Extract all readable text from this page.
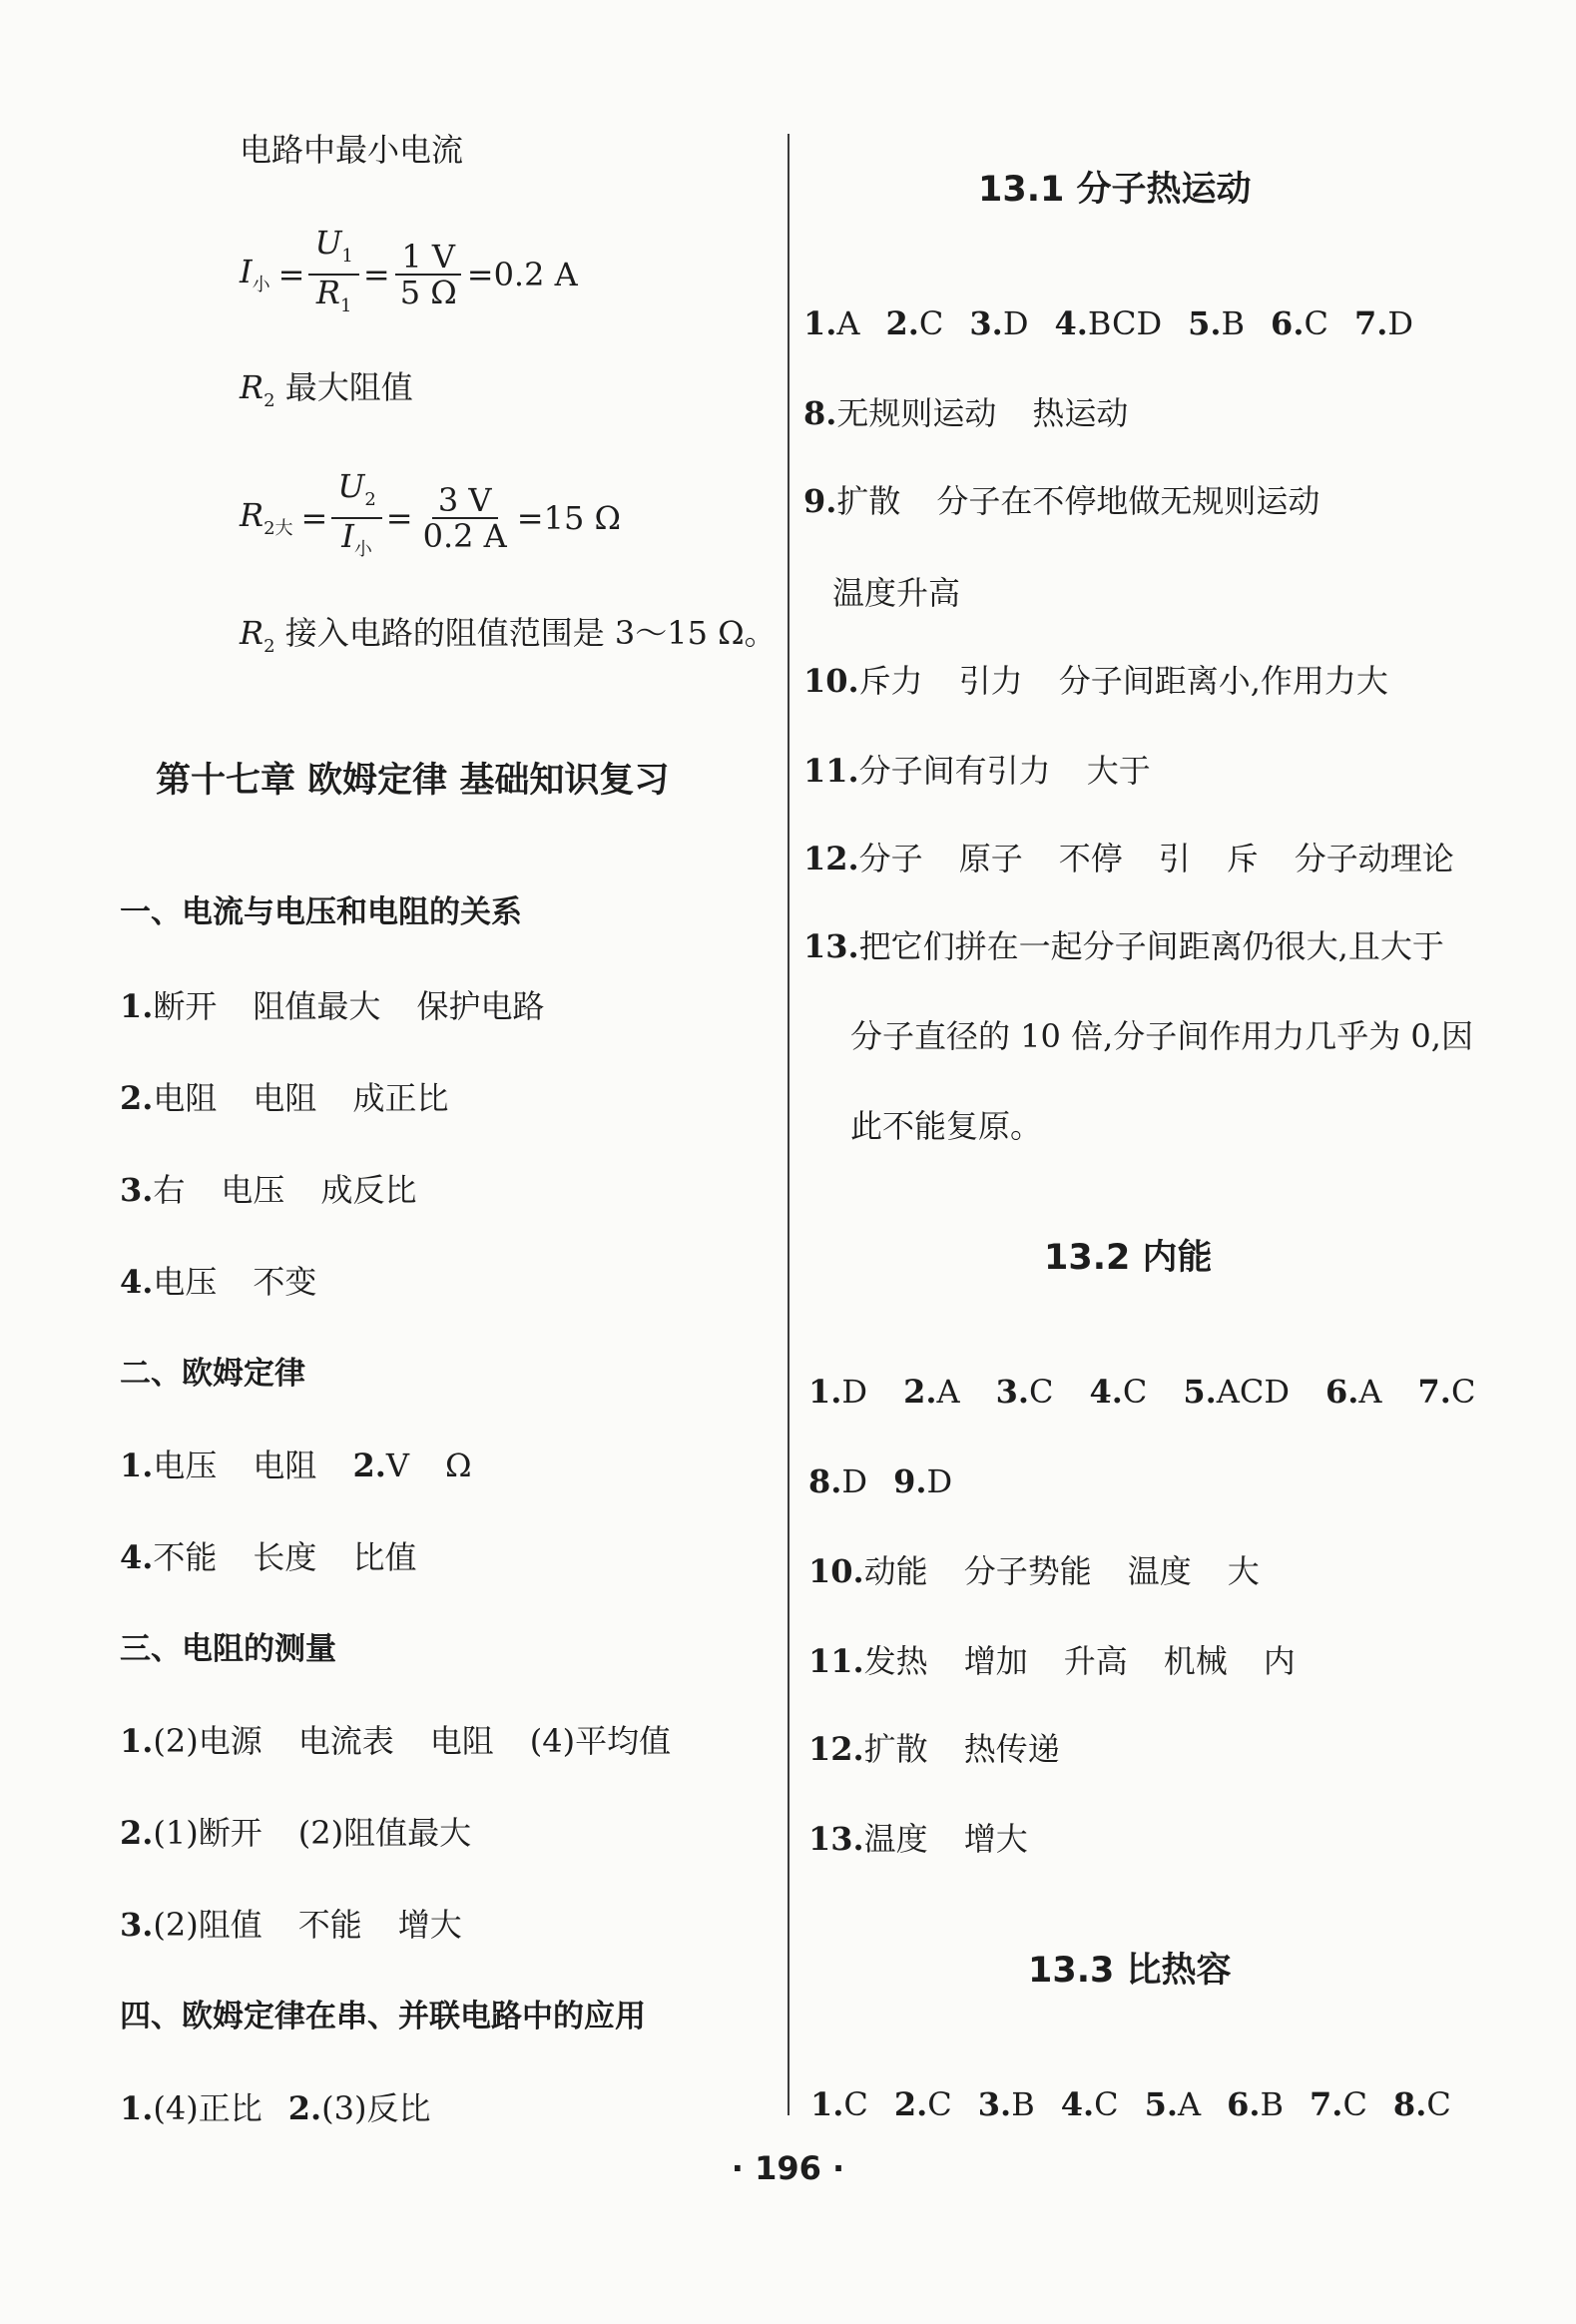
电路中最小电流
$I_小 = \frac{U_1}{R_1} = \frac{1 V}{5 \Omega} =0.2$ A
$R_2$ 最大阻值
$R_{2大} = \frac{U_2}{I_小} = \frac{3 V}{0.2 A} =15$ Ω
$R_2$ 接入电路的阻值范围是 3～15 Ω。
第十七章 欧姆定律 基础知识复习
一、电流与电压和电阻的关系
1.断开 阻值最大 保护电路
2.电阻 电阻 成正比
3.右 电压 成反比
4.电压 不变
二、欧姆定律
1.电压 电阻 2.V Ω
4.不能 长度 比值
三、电阻的测量
1.(2)电源 电流表 电阻 (4)平均值
2.(1)断开 (2)阻值最大
3.(2)阻值 不能 增大
四、欧姆定律在串、并联电路中的应用
1.(4)正比 2.(3)反比
13.1 分子热运动
1.A 2.C 3.D 4.BCD 5.B 6.C 7.D
8.无规则运动 热运动
9.扩散 分子在不停地做无规则运动
温度升高
10.斥力 引力 分子间距离小,作用力大
11.分子间有引力 大于
12.分子 原子 不停 引 斥 分子动理论
13.把它们拼在一起分子间距离仍很大,且大于
分子直径的 10 倍,分子间作用力几乎为 0,因
此不能复原。
13.2 内能
1.D 2.A 3.C 4.C 5.ACD 6.A 7.C
8.D 9.D
10.动能 分子势能 温度 大
11.发热 增加 升高 机械 内
12.扩散 热传递
13.温度 增大
13.3 比热容
1.C 2.C 3.B 4.C 5.A 6.B 7.C 8.C
· 196 ·
